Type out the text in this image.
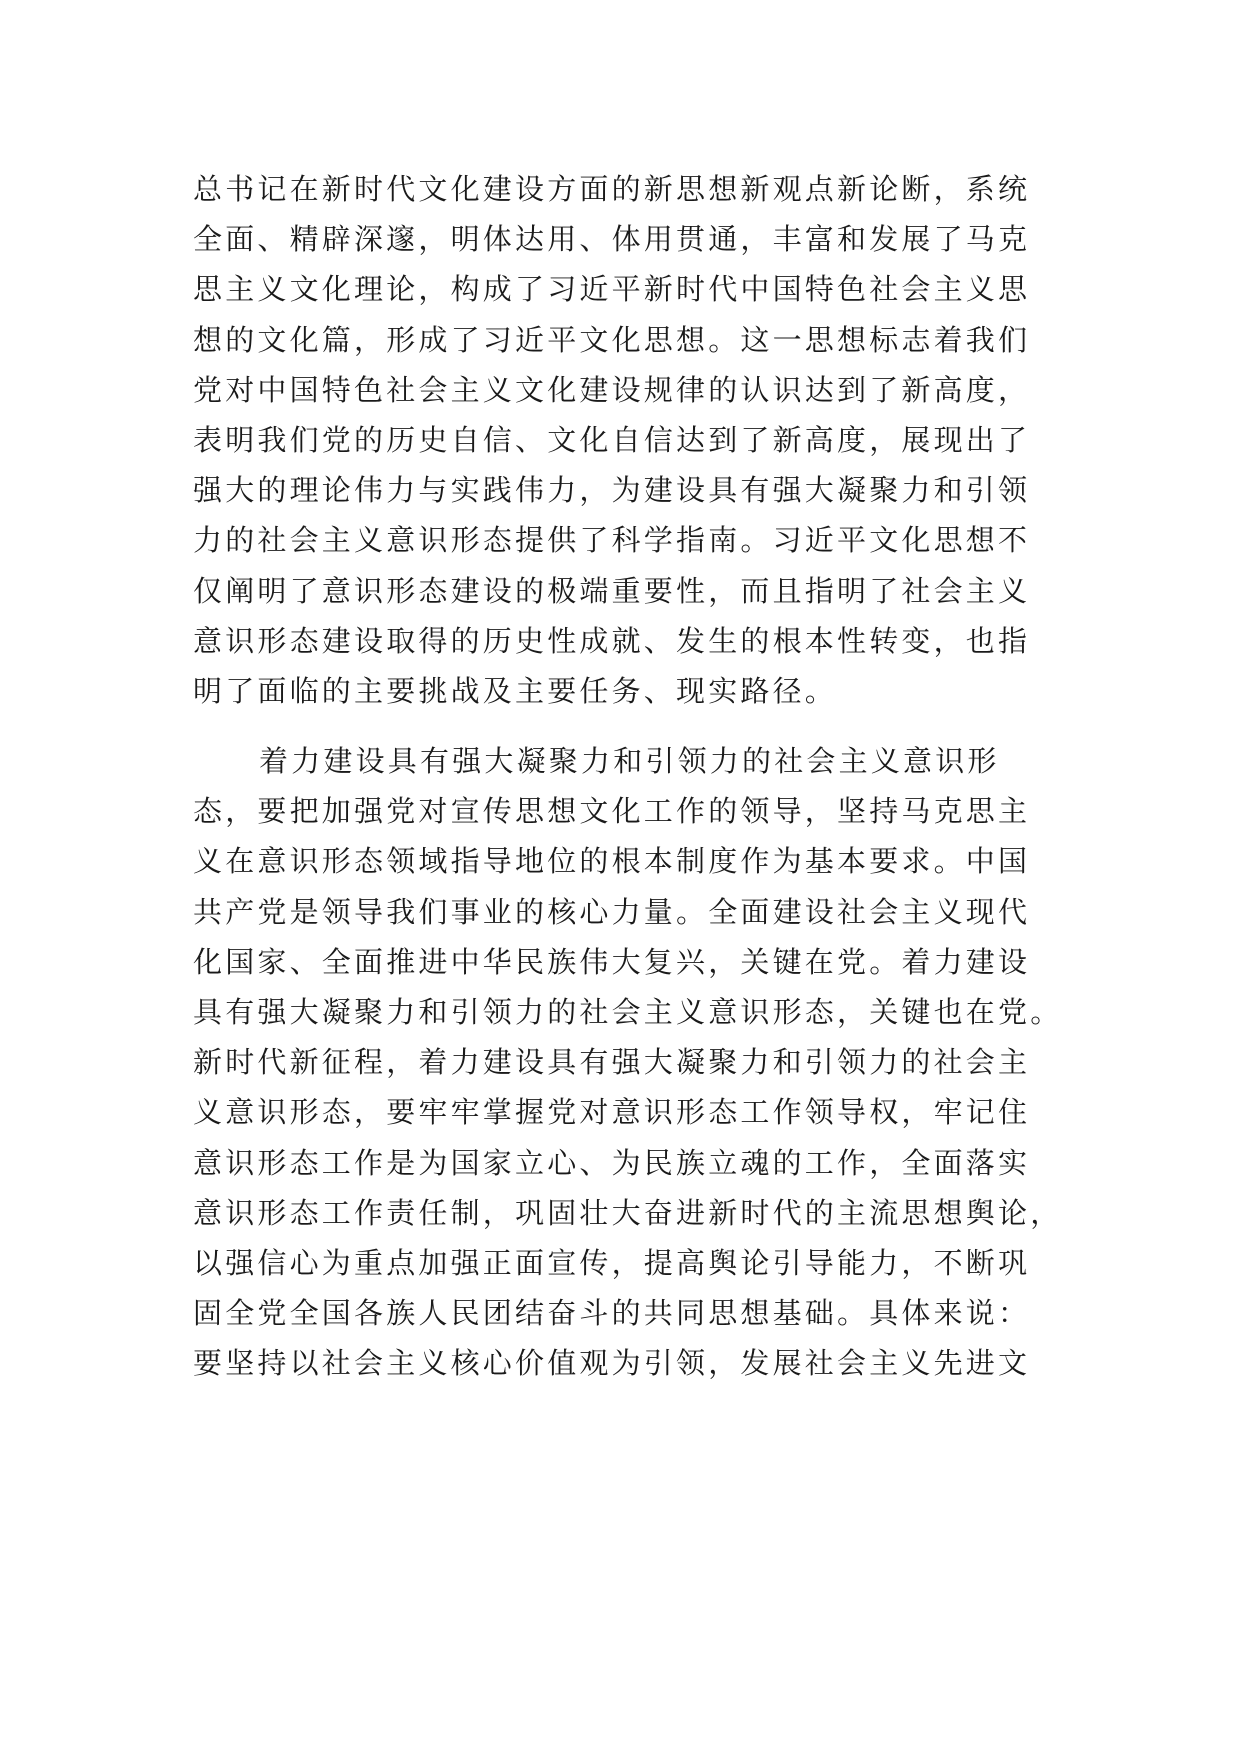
总书记在新时代文化建设方面的新思想新观点新论断，系统
全面、精辟深邃，明体达用、体用贯通，丰富和发展了马克
思主义文化理论，构成了习近平新时代中国特色社会主义思
想的文化篇，形成了习近平文化思想。这一思想标志着我们
党对中国特色社会主义文化建设规律的认识达到了新高度，
表明我们党的历史自信、文化自信达到了新高度，展现出了
强大的理论伟力与实践伟力，为建设具有强大凝聚力和引领
力的社会主义意识形态提供了科学指南。习近平文化思想不
仅阐明了意识形态建设的极端重要性，而且指明了社会主义
意识形态建设取得的历史性成就、发生的根本性转变，也指
明了面临的主要挑战及主要任务、现实路径。
着力建设具有强大凝聚力和引领力的社会主义意识形
态，要把加强党对宣传思想文化工作的领导，坚持马克思主
义在意识形态领域指导地位的根本制度作为基本要求。中国
共产党是领导我们事业的核心力量。全面建设社会主义现代
化国家、全面推进中华民族伟大复兴，关键在党。着力建设
具有强大凝聚力和引领力的社会主义意识形态，关键也在党。
新时代新征程，着力建设具有强大凝聚力和引领力的社会主
义意识形态，要牢牢掌握党对意识形态工作领导权，牢记住
意识形态工作是为国家立心、为民族立魂的工作，全面落实
意识形态工作责任制，巩固壮大奋进新时代的主流思想舆论，
以强信心为重点加强正面宣传，提高舆论引导能力，不断巩
固全党全国各族人民团结奋斗的共同思想基础。具体来说：
要坚持以社会主义核心价值观为引领，发展社会主义先进文
